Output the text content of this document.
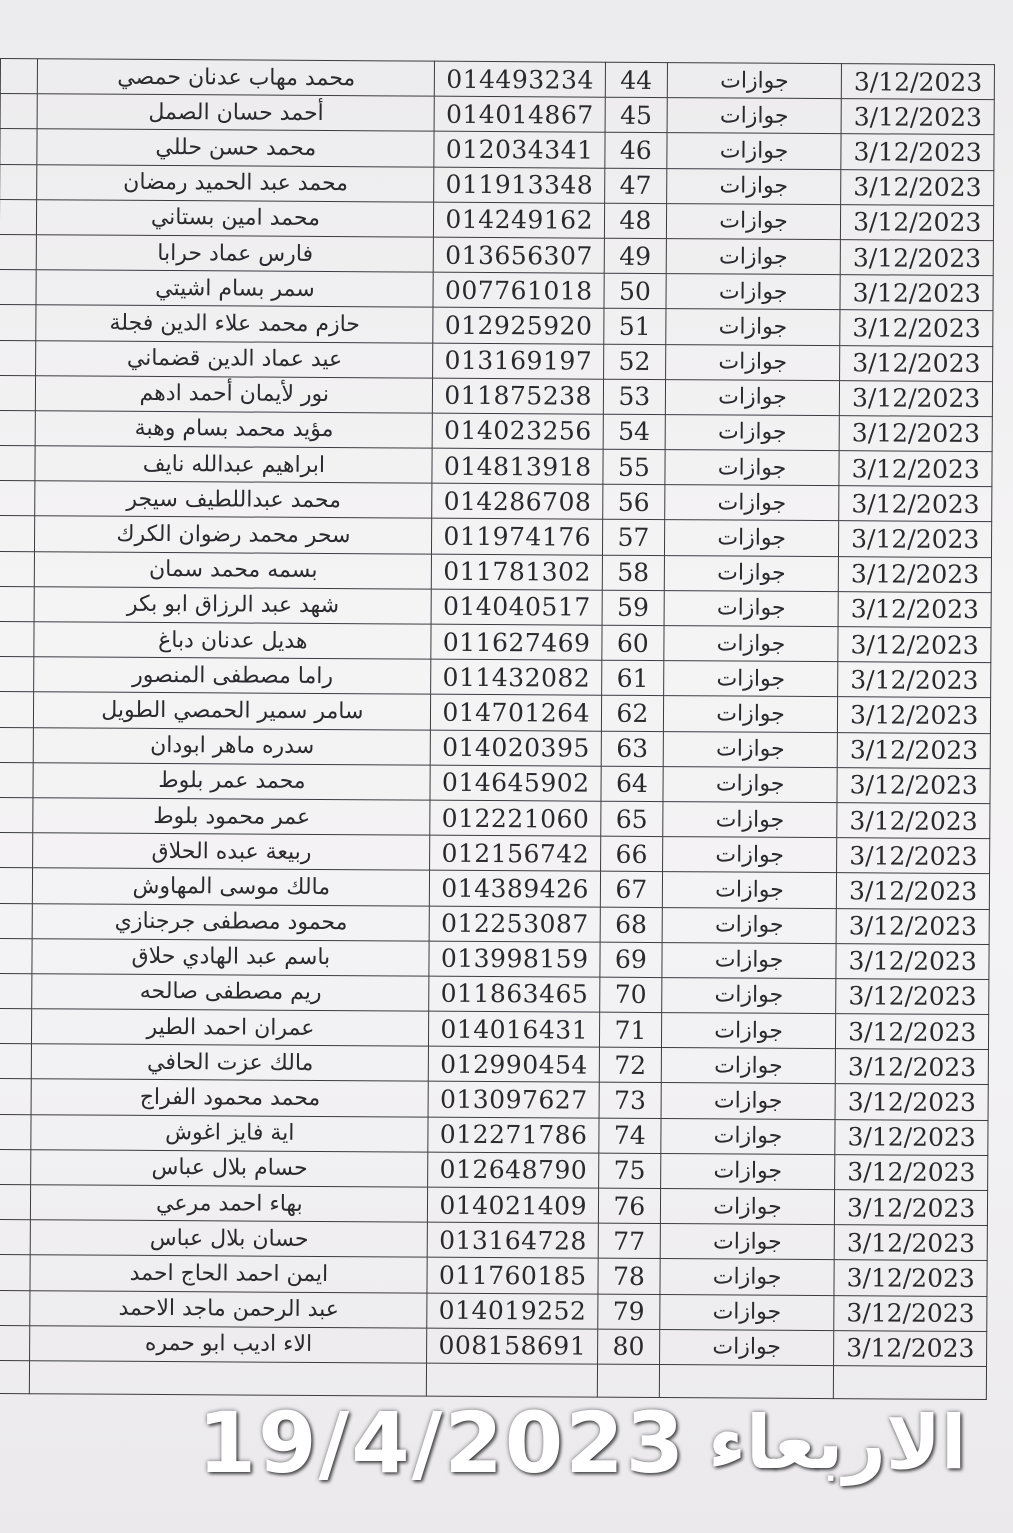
	محمد مهاب عدنان حمصي	014493234	44	جوازات	3/12/2023
	أحمد حسان الصمل	014014867	45	جوازات	3/12/2023
	محمد حسن حللي	012034341	46	جوازات	3/12/2023
	محمد عبد الحميد رمضان	011913348	47	جوازات	3/12/2023
	محمد امين بستاني	014249162	48	جوازات	3/12/2023
	فارس عماد حرابا	013656307	49	جوازات	3/12/2023
	سمر بسام اشيتي	007761018	50	جوازات	3/12/2023
	حازم محمد علاء الدين فجلة	012925920	51	جوازات	3/12/2023
	عيد عماد الدين قضماني	013169197	52	جوازات	3/12/2023
	نور لأيمان أحمد ادهم	011875238	53	جوازات	3/12/2023
	مؤيد محمد بسام وهبة	014023256	54	جوازات	3/12/2023
	ابراهيم عبدالله نايف	014813918	55	جوازات	3/12/2023
	محمد عبداللطيف سيجر	014286708	56	جوازات	3/12/2023
	سحر محمد رضوان الكرك	011974176	57	جوازات	3/12/2023
	بسمه محمد سمان	011781302	58	جوازات	3/12/2023
	شهد عبد الرزاق ابو بكر	014040517	59	جوازات	3/12/2023
	هديل عدنان دباغ	011627469	60	جوازات	3/12/2023
	راما مصطفى المنصور	011432082	61	جوازات	3/12/2023
	سامر سمير الحمصي الطويل	014701264	62	جوازات	3/12/2023
	سدره ماهر ابودان	014020395	63	جوازات	3/12/2023
	محمد عمر بلوط	014645902	64	جوازات	3/12/2023
	عمر محمود بلوط	012221060	65	جوازات	3/12/2023
	ربيعة عبده الحلاق	012156742	66	جوازات	3/12/2023
	مالك موسى المهاوش	014389426	67	جوازات	3/12/2023
	محمود مصطفى جرجنازي	012253087	68	جوازات	3/12/2023
	باسم عبد الهادي حلاق	013998159	69	جوازات	3/12/2023
	ريم مصطفى صالحه	011863465	70	جوازات	3/12/2023
	عمران احمد الطير	014016431	71	جوازات	3/12/2023
	مالك عزت الحافي	012990454	72	جوازات	3/12/2023
	محمد محمود الفراج	013097627	73	جوازات	3/12/2023
	اية فايز اغوش	012271786	74	جوازات	3/12/2023
	حسام بلال عباس	012648790	75	جوازات	3/12/2023
	بهاء احمد مرعي	014021409	76	جوازات	3/12/2023
	حسان بلال عباس	013164728	77	جوازات	3/12/2023
	ايمن احمد الحاج احمد	011760185	78	جوازات	3/12/2023
	عبد الرحمن ماجد الاحمد	014019252	79	جوازات	3/12/2023
	الاء اديب ابو حمره	008158691	80	جوازات	3/12/2023

19/4/2023 الاربعاء
